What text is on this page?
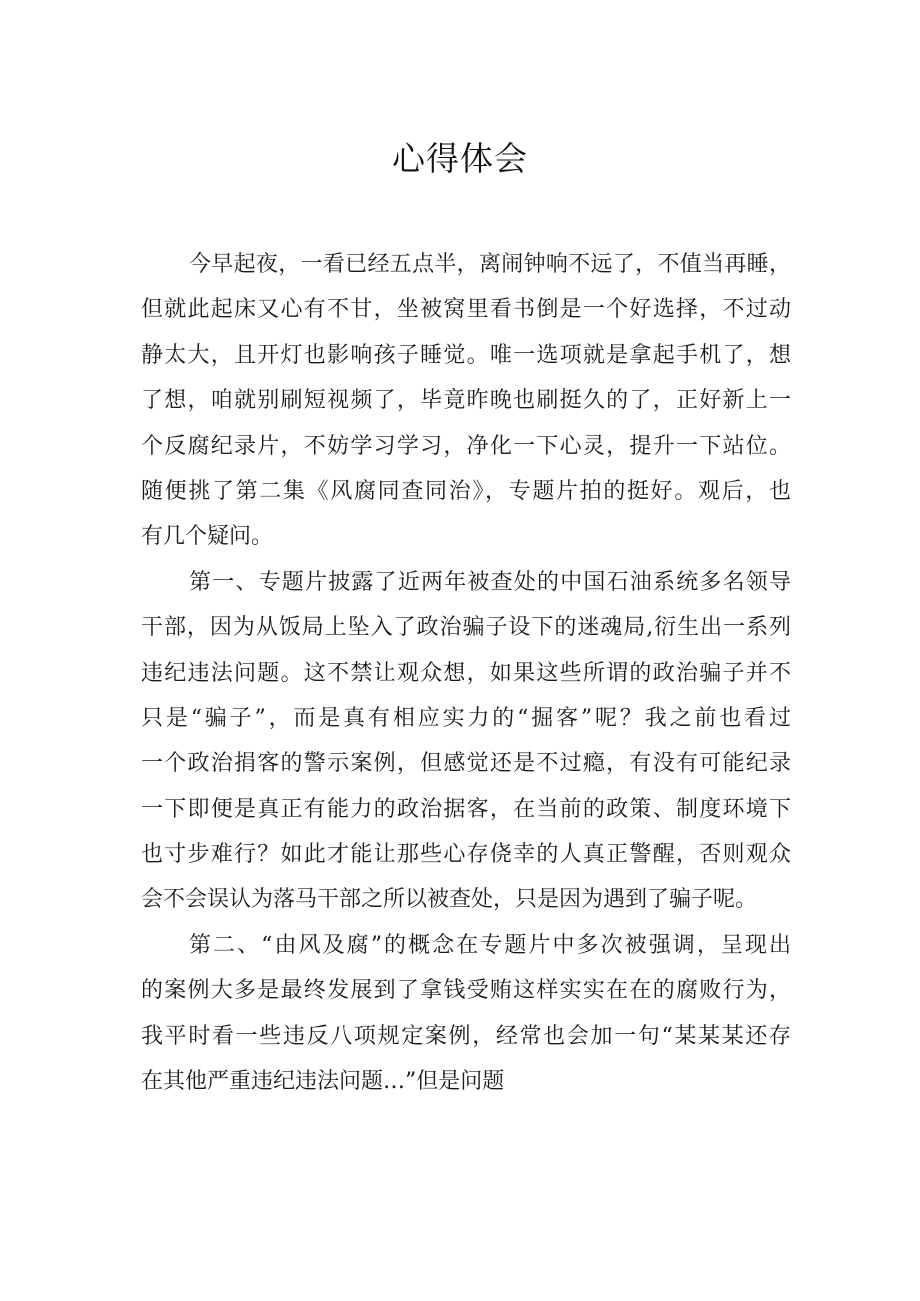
心得体会
今早起夜，一看已经五点半，离闹钟响不远了，不值当再睡，
但就此起床又心有不甘，坐被窝里看书倒是一个好选择，不过动
静太大，且开灯也影响孩子睡觉。唯一选项就是拿起手机了，想
了想，咱就别刷短视频了，毕竟昨晚也刷挺久的了，正好新上一
个反腐纪录片，不妨学习学习，净化一下心灵，提升一下站位。
随便挑了第二集《风腐同查同治》，专题片拍的挺好。观后，也
有几个疑问。
第一、专题片披露了近两年被查处的中国石油系统多名领导
干部，因为从饭局上坠入了政治骗子设下的迷魂局,衍生出一系列
违纪违法问题。这不禁让观众想，如果这些所谓的政治骗子并不
只是“骗子”，而是真有相应实力的“掘客”呢？我之前也看过
一个政治捐客的警示案例，但感觉还是不过瘾，有没有可能纪录
一下即便是真正有能力的政治据客，在当前的政策、制度环境下
也寸步难行？如此才能让那些心存侥幸的人真正警醒，否则观众
会不会误认为落马干部之所以被查处，只是因为遇到了骗子呢。
第二、“由风及腐”的概念在专题片中多次被强调，呈现出
的案例大多是最终发展到了拿钱受贿这样实实在在的腐败行为，
我平时看一些违反八项规定案例，经常也会加一句“某某某还存
在其他严重违纪违法问题…”但是问题
